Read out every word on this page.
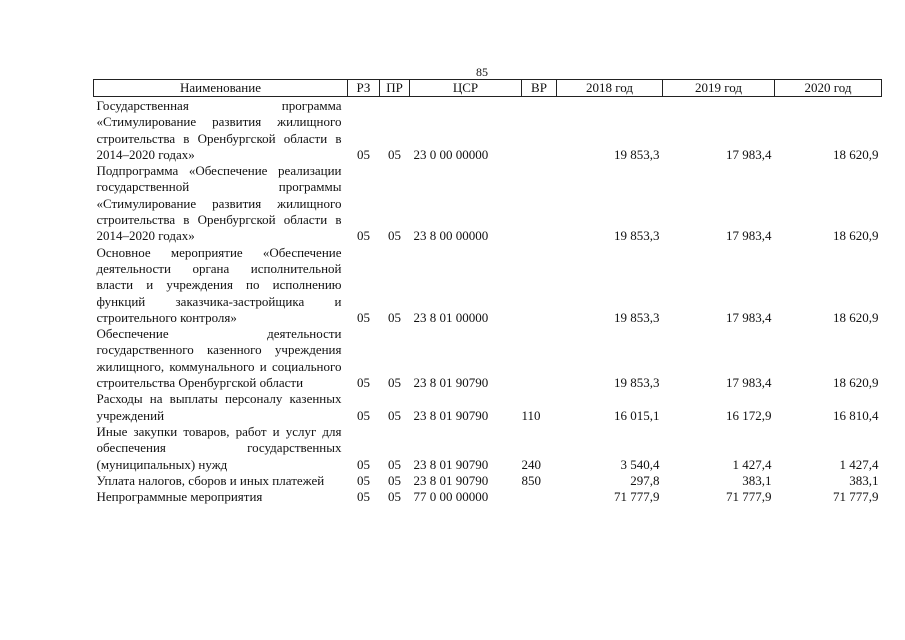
85
Наименование	РЗ	ПР	ЦСР	ВР	2018 год	2019 год	2020 год
Государственная программа «Стимулирование развития жилищного строительства в Оренбургской области в 2014–2020 годах»	05	05	23 0 00 00000		19 853,3	17 983,4	18 620,9
Подпрограмма «Обеспечение реализации государственной программы «Стимулирование развития жилищного строительства в Оренбургской области в 2014–2020 годах»	05	05	23 8 00 00000		19 853,3	17 983,4	18 620,9
Основное мероприятие «Обеспечение деятельности органа исполнительной власти и учреждения по исполнению функций заказчика-застройщика и строительного контроля»	05	05	23 8 01 00000		19 853,3	17 983,4	18 620,9
Обеспечение деятельности государственного казенного учреждения жилищного, коммунального и социального строительства Оренбургской области	05	05	23 8 01 90790		19 853,3	17 983,4	18 620,9
Расходы на выплаты персоналу казенных учреждений	05	05	23 8 01 90790	110	16 015,1	16 172,9	16 810,4
Иные закупки товаров, работ и услуг для обеспечения государственных (муниципальных) нужд	05	05	23 8 01 90790	240	3 540,4	1 427,4	1 427,4
Уплата налогов, сборов и иных платежей	05	05	23 8 01 90790	850	297,8	383,1	383,1
Непрограммные мероприятия	05	05	77 0 00 00000		71 777,9	71 777,9	71 777,9
